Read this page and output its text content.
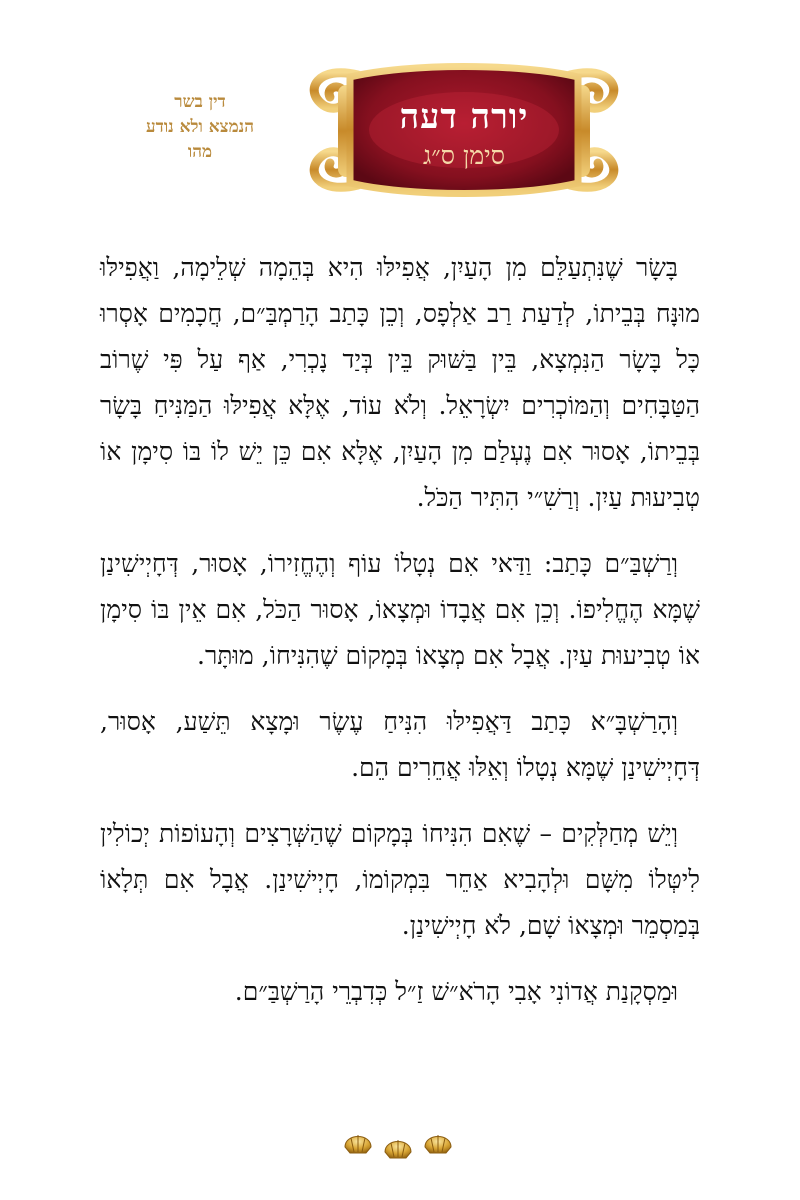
יורה דעה
סימן ס״ג
דין בשר
הנמצא ולא נודע
מהו

בָּשָׂר שֶׁנִּתְעַלֵּם מִן הָעַיִן, אֲפִילּוּ הִיא בְּהֵמָה שְׁלֵימָה, וַאֲפִילּוּ מוּנָּח בְּבֵיתוֹ, לְדַעַת רַב אַלְפָס, וְכֵן כָּתַב הָרַמְבַּ״ם, חֲכָמִים אָסְרוּ כָּל בָּשָׂר הַנִּמְצָא, בֵּין בַּשּׁוּק בֵּין בְּיַד נָכְרִי, אַף עַל פִּי שֶׁרוֹב הַטַּבָּחִים וְהַמּוֹכְרִים יִשְׂרָאֵל. וְלֹא עוֹד, אֶלָּא אֲפִילּוּ הַמַּנִּיחַ בָּשָׂר בְּבֵיתוֹ, אָסוּר אִם נֶעְלַם מִן הָעַיִן, אֶלָּא אִם כֵּן יֵשׁ לוֹ בּוֹ סִימָן אוֹ טְבִיעוּת עַיִן. וְרַשִׁ״י הִתִּיר הַכֹּל.

וְרַשְׁבַּ״ם כָּתַב: וַדַּאי אִם נְטָלוֹ עוֹף וְהֶחֱזִירוֹ, אָסוּר, דְּחָיְישִׁינַן שֶׁמָּא הֶחֱלִיפוֹ. וְכֵן אִם אֲבָדוֹ וּמְצָאוֹ, אָסוּר הַכֹּל, אִם אֵין בּוֹ סִימָן אוֹ טְבִיעוּת עַיִן. אֲבָל אִם מְצָאוֹ בְּמָקוֹם שֶׁהִנִּיחוֹ, מוּתָּר.

וְהָרַשְׁבָּ״א כָּתַב דַּאֲפִילּוּ הִנִּיחַ עֶשֶׂר וּמָצָא תֵּשַׁע, אָסוּר, דְּחָיְישִׁינַן שֶׁמָּא נְטָלוֹ וְאֵלּוּ אֲחֵרִים הֵם.

וְיֵשׁ מְחַלְּקִים – שֶׁאִם הִנִּיחוֹ בְּמָקוֹם שֶׁהַשְּׁרָצִים וְהָעוֹפוֹת יְכוֹלִין לִיטְּלוֹ מִשָּׁם וּלְהָבִיא אַחֵר בִּמְקוֹמוֹ, חָיְישִׁינַן. אֲבָל אִם תְּלָאוֹ בְּמַסְמֵר וּמְצָאוֹ שָׁם, לֹא חָיְישִׁינַן.

וּמַסְקָנַת אֲדוֹנִי אָבִי הָרֹא״שׁ זַ״ל כְּדִבְרֵי הָרַשְׁבַּ״ם.
